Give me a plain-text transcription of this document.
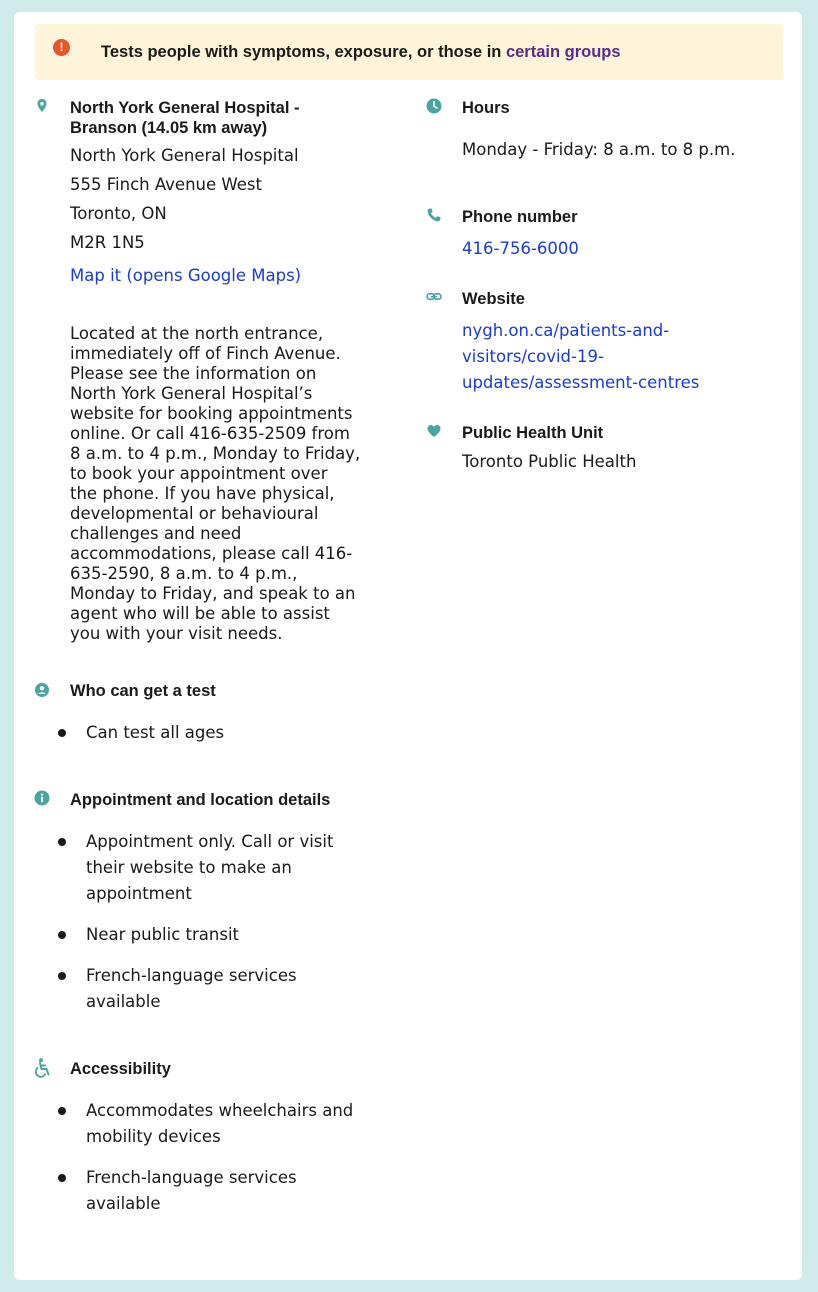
!	Tests people with symptoms, exposure, or those in certain groups
North York General Hospital -
Branson (14.05 km away)
North York General Hospital
555 Finch Avenue West
Toronto, ON
M2R 1N5
Map it (opens Google Maps)
Located at the north entrance,
immediately off of Finch Avenue.
Please see the information on
North York General Hospital’s
website for booking appointments
online. Or call 416-635-2509 from
8 a.m. to 4 p.m., Monday to Friday,
to book your appointment over
the phone. If you have physical,
developmental or behavioural
challenges and need
accommodations, please call 416-
635-2590, 8 a.m. to 4 p.m.,
Monday to Friday, and speak to an
agent who will be able to assist
you with your visit needs.
Who can get a test
Can test all ages
Appointment and location details
Appointment only. Call or visit their website to make an appointment
Near public transit
French-language services available
Accessibility
Accommodates wheelchairs and mobility devices
French-language services available
Hours
Monday - Friday: 8 a.m. to 8 p.m.
Phone number
416-756-6000
Website
nygh.on.ca/patients-and-
visitors/covid-19-
updates/assessment-centres
Public Health Unit
Toronto Public Health
